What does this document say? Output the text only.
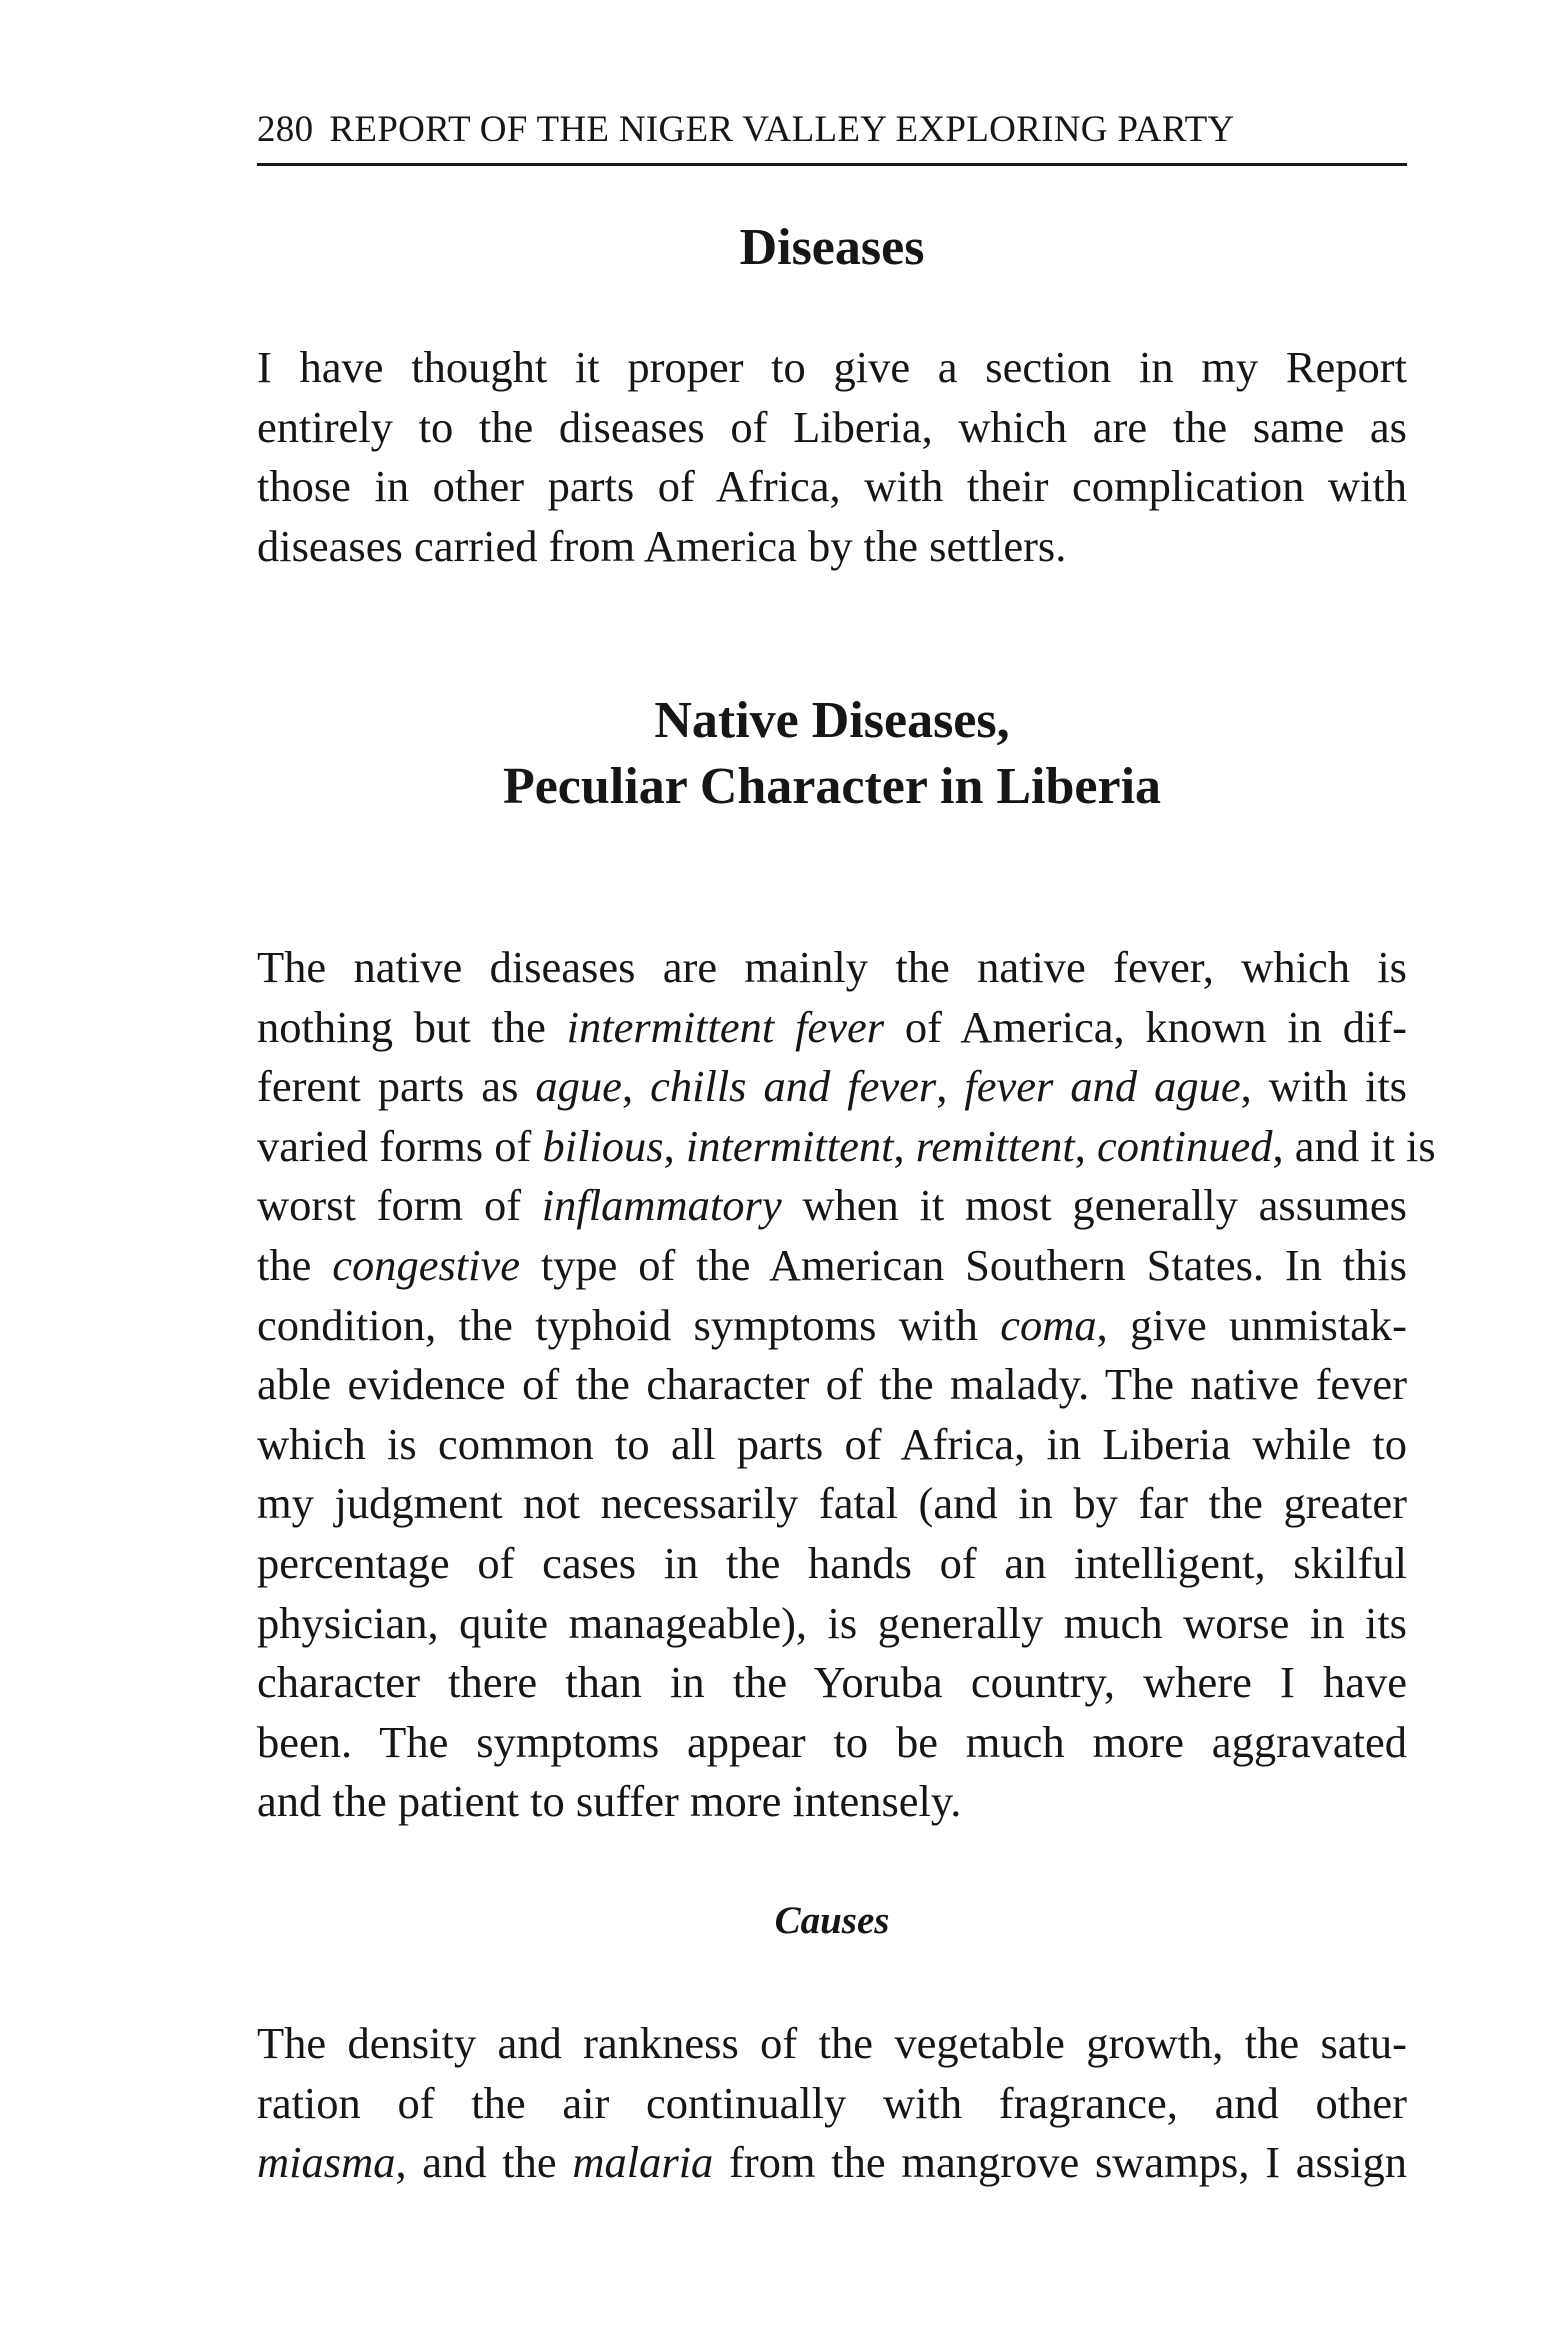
280 REPORT OF THE NIGER VALLEY EXPLORING PARTY
Diseases
I have thought it proper to give a section in my Report
entirely to the diseases of Liberia, which are the same as
those in other parts of Africa, with their complication with
diseases carried from America by the settlers.
Native Diseases,
Peculiar Character in Liberia
The native diseases are mainly the native fever, which is
nothing but the intermittent fever of America, known in dif-
ferent parts as ague, chills and fever, fever and ague, with its
varied forms of bilious, intermittent, remittent, continued, and it is
worst form of inflammatory when it most generally assumes
the congestive type of the American Southern States. In this
condition, the typhoid symptoms with coma, give unmistak-
able evidence of the character of the malady. The native fever
which is common to all parts of Africa, in Liberia while to
my judgment not necessarily fatal (and in by far the greater
percentage of cases in the hands of an intelligent, skilful
physician, quite manageable), is generally much worse in its
character there than in the Yoruba country, where I have
been. The symptoms appear to be much more aggravated
and the patient to suffer more intensely.
Causes
The density and rankness of the vegetable growth, the satu-
ration of the air continually with fragrance, and other
miasma, and the malaria from the mangrove swamps, I assign
